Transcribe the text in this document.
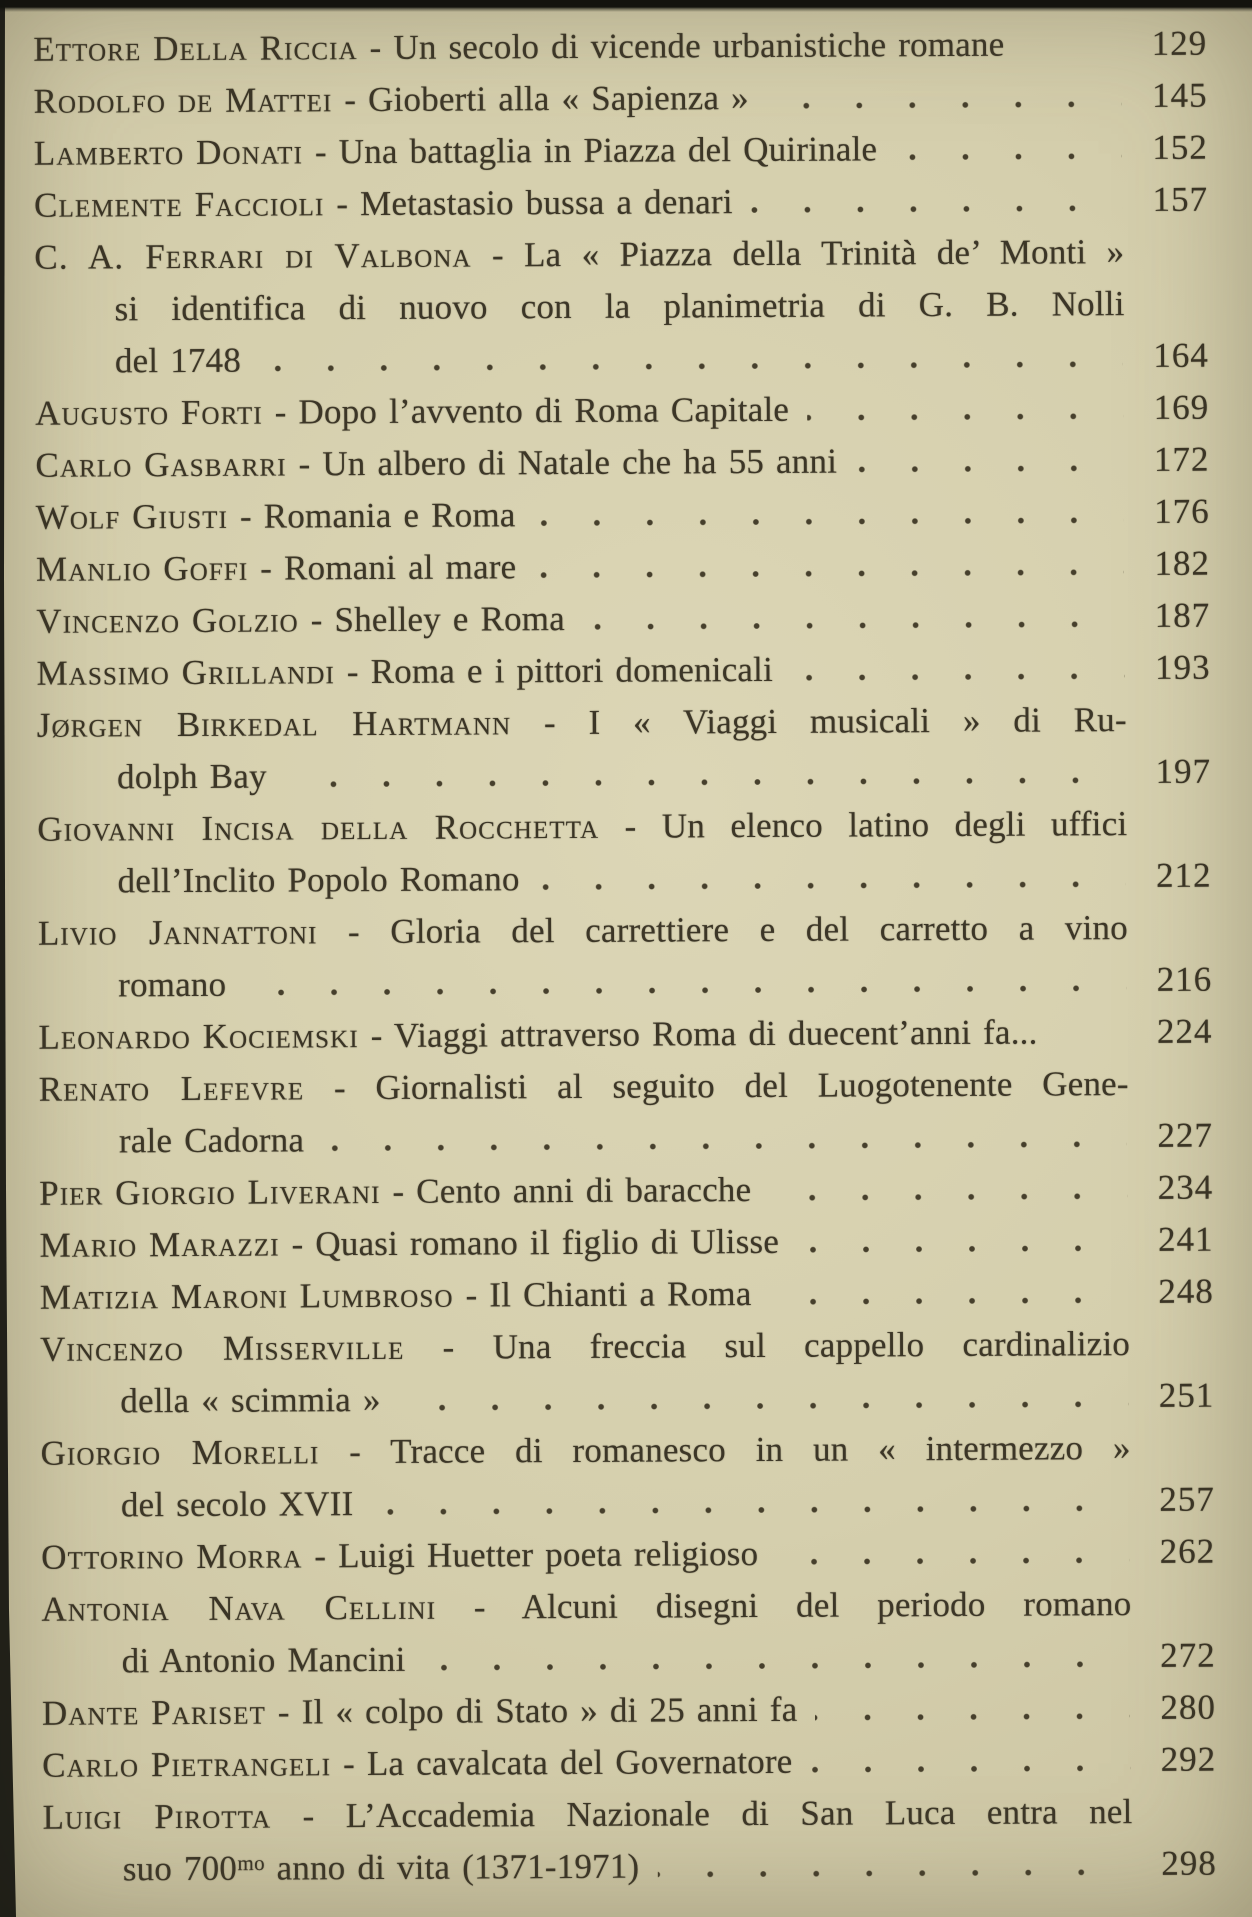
Ettore Della Riccia - Un secolo di vicende urbanistiche romane	129
Rodolfo de Mattei - Gioberti alla « Sapienza »	145
Lamberto Donati - Una battaglia in Piazza del Quirinale	152
Clemente Faccioli - Metastasio bussa a denari	157
C. A. Ferrari di Valbona - La « Piazza della Trinità de’ Monti »
si identifica di nuovo con la planimetria di G. B. Nolli
del 1748	164
Augusto Forti - Dopo l’avvento di Roma Capitale	169
Carlo Gasbarri - Un albero di Natale che ha 55 anni	172
Wolf Giusti - Romania e Roma	176
Manlio Goffi - Romani al mare	182
Vincenzo Golzio - Shelley e Roma	187
Massimo Grillandi - Roma e i pittori domenicali	193
Jørgen Birkedal Hartmann - I « Viaggi musicali » di Ru-
dolph Bay	197
Giovanni Incisa della Rocchetta - Un elenco latino degli uffici
dell’Inclito Popolo Romano	212
Livio Jannattoni - Gloria del carrettiere e del carretto a vino
romano	216
Leonardo Kociemski - Viaggi attraverso Roma di duecent’anni fa...	224
Renato Lefevre - Giornalisti al seguito del Luogotenente Gene-
rale Cadorna	227
Pier Giorgio Liverani - Cento anni di baracche	234
Mario Marazzi - Quasi romano il figlio di Ulisse	241
Matizia Maroni Lumbroso - Il Chianti a Roma	248
Vincenzo Misserville - Una freccia sul cappello cardinalizio
della « scimmia »	251
Giorgio Morelli - Tracce di romanesco in un « intermezzo »
del secolo XVII	257
Ottorino Morra - Luigi Huetter poeta religioso	262
Antonia Nava Cellini - Alcuni disegni del periodo romano
di Antonio Mancini	272
Dante Pariset - Il « colpo di Stato » di 25 anni fa	280
Carlo Pietrangeli - La cavalcata del Governatore	292
Luigi Pirotta - L’Accademia Nazionale di San Luca entra nel
suo 700ᵐᵒ anno di vita (1371-1971)	298
